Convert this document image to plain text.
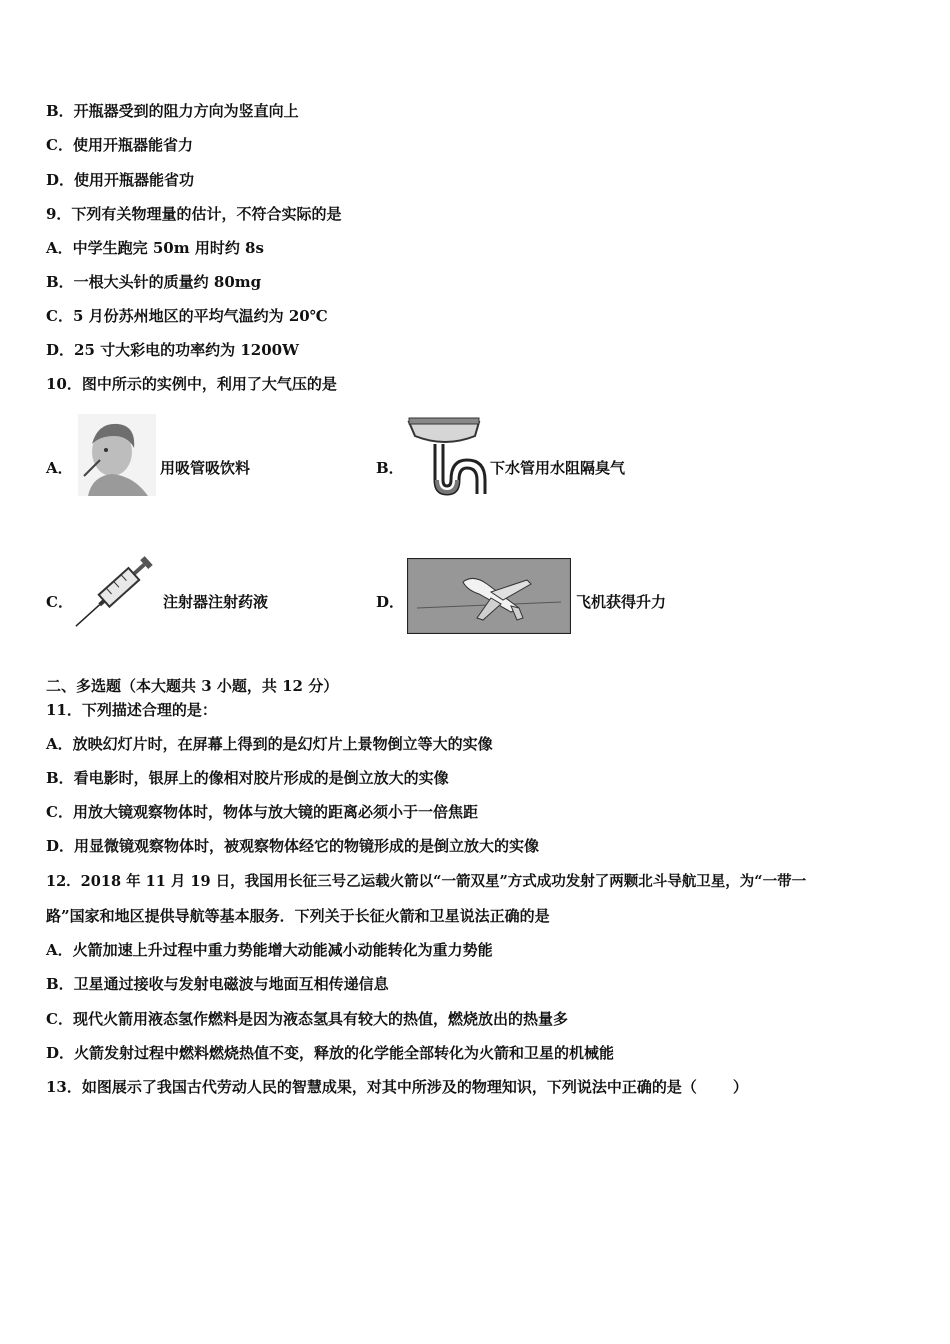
B．开瓶器受到的阻力方向为竖直向上
C．使用开瓶器能省力
D．使用开瓶器能省功
9．下列有关物理量的估计，不符合实际的是
A．中学生跑完 50m 用时约 8s
B．一根大头针的质量约 80mg
C．5 月份苏州地区的平均气温约为 20℃
D．25 寸大彩电的功率约为 1200W
10．图中所示的实例中，利用了大气压的是
A．	用吸管吸饮料	B．	下水管用水阻隔臭气
C．	注射器注射药液	D．	飞机获得升力
二、多选题（本大题共 3 小题，共 12 分）
11．下列描述合理的是：
A．放映幻灯片时，在屏幕上得到的是幻灯片上景物倒立等大的实像
B．看电影时，银屏上的像相对胶片形成的是倒立放大的实像
C．用放大镜观察物体时，物体与放大镜的距离必须小于一倍焦距
D．用显微镜观察物体时，被观察物体经它的物镜形成的是倒立放大的实像
12．2018 年 11 月 19 日，我国用长征三号乙运载火箭以“一箭双星”方式成功发射了两颗北斗导航卫星，为“一带一
路”国家和地区提供导航等基本服务．下列关于长征火箭和卫星说法正确的是
A．火箭加速上升过程中重力势能增大动能减小动能转化为重力势能
B．卫星通过接收与发射电磁波与地面互相传递信息
C．现代火箭用液态氢作燃料是因为液态氢具有较大的热值，燃烧放出的热量多
D．火箭发射过程中燃料燃烧热值不变，释放的化学能全部转化为火箭和卫星的机械能
13．如图展示了我国古代劳动人民的智慧成果，对其中所涉及的物理知识，下列说法中正确的是（ ）
